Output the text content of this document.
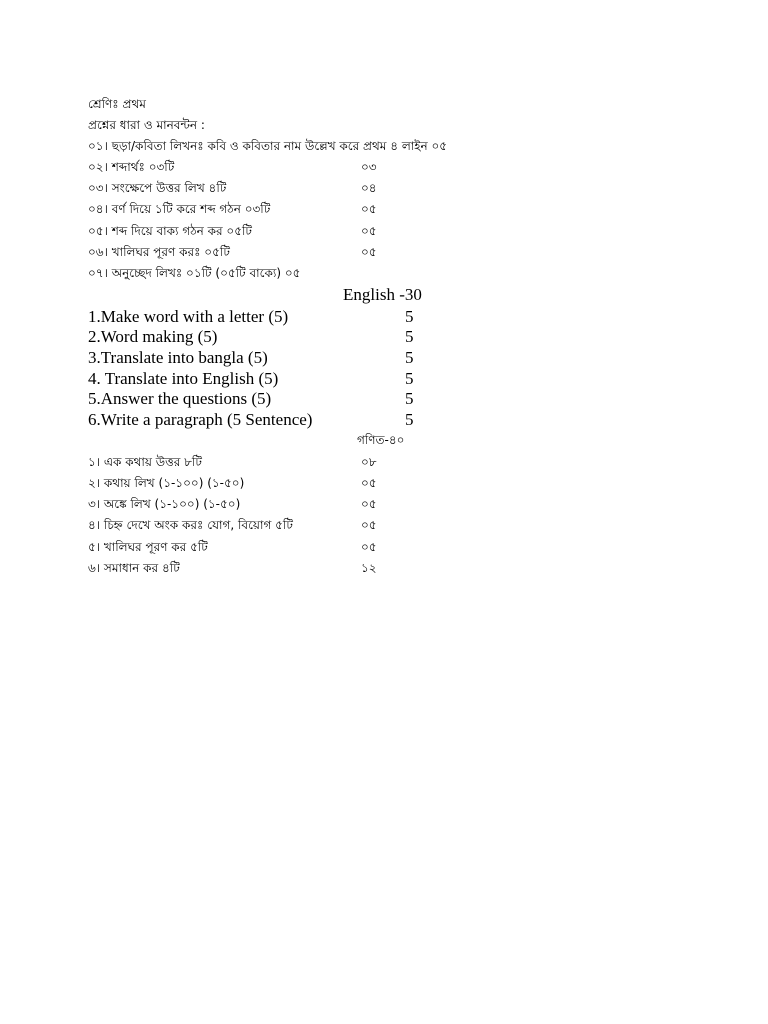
শ্রেণিঃ প্রথম
প্রশ্নের ধারা ও মানবন্টন :
০১। ছড়া/কবিতা লিখনঃ কবি ও কবিতার নাম উল্লেখ করে প্রথম ৪ লাইন ০৫
০২। শব্দার্থঃ ০৩টি	০৩
০৩। সংক্ষেপে উত্তর লিখ ৪টি	০৪
০৪। বর্ণ দিয়ে ১টি করে শব্দ গঠন ০৩টি	০৫
০৫। শব্দ দিয়ে বাক্য গঠন কর ০৫টি	০৫
০৬। খালিঘর পূরণ করঃ ০৫টি	০৫
০৭। অনুচ্ছেদ লিখঃ ০১টি (০৫টি বাক্যে) ০৫
English -30
1.Make word with a letter (5)	5
2.Word making (5)	5
3.Translate into bangla (5)	5
4. Translate into English (5)	5
5.Answer the questions (5)	5
6.Write a paragraph (5 Sentence)	5
গণিত-৪০
১। এক কথায় উত্তর ৮টি	০৮
২। কথায় লিখ (১-১০০) (১-৫০)	০৫
৩। অঙ্কে লিখ (১-১০০) (১-৫০)	০৫
৪। চিহ্ন দেখে অংক করঃ যোগ, বিয়োগ ৫টি	০৫
৫। খালিঘর পূরণ কর ৫টি	০৫
৬। সমাধান কর ৪টি	১২
